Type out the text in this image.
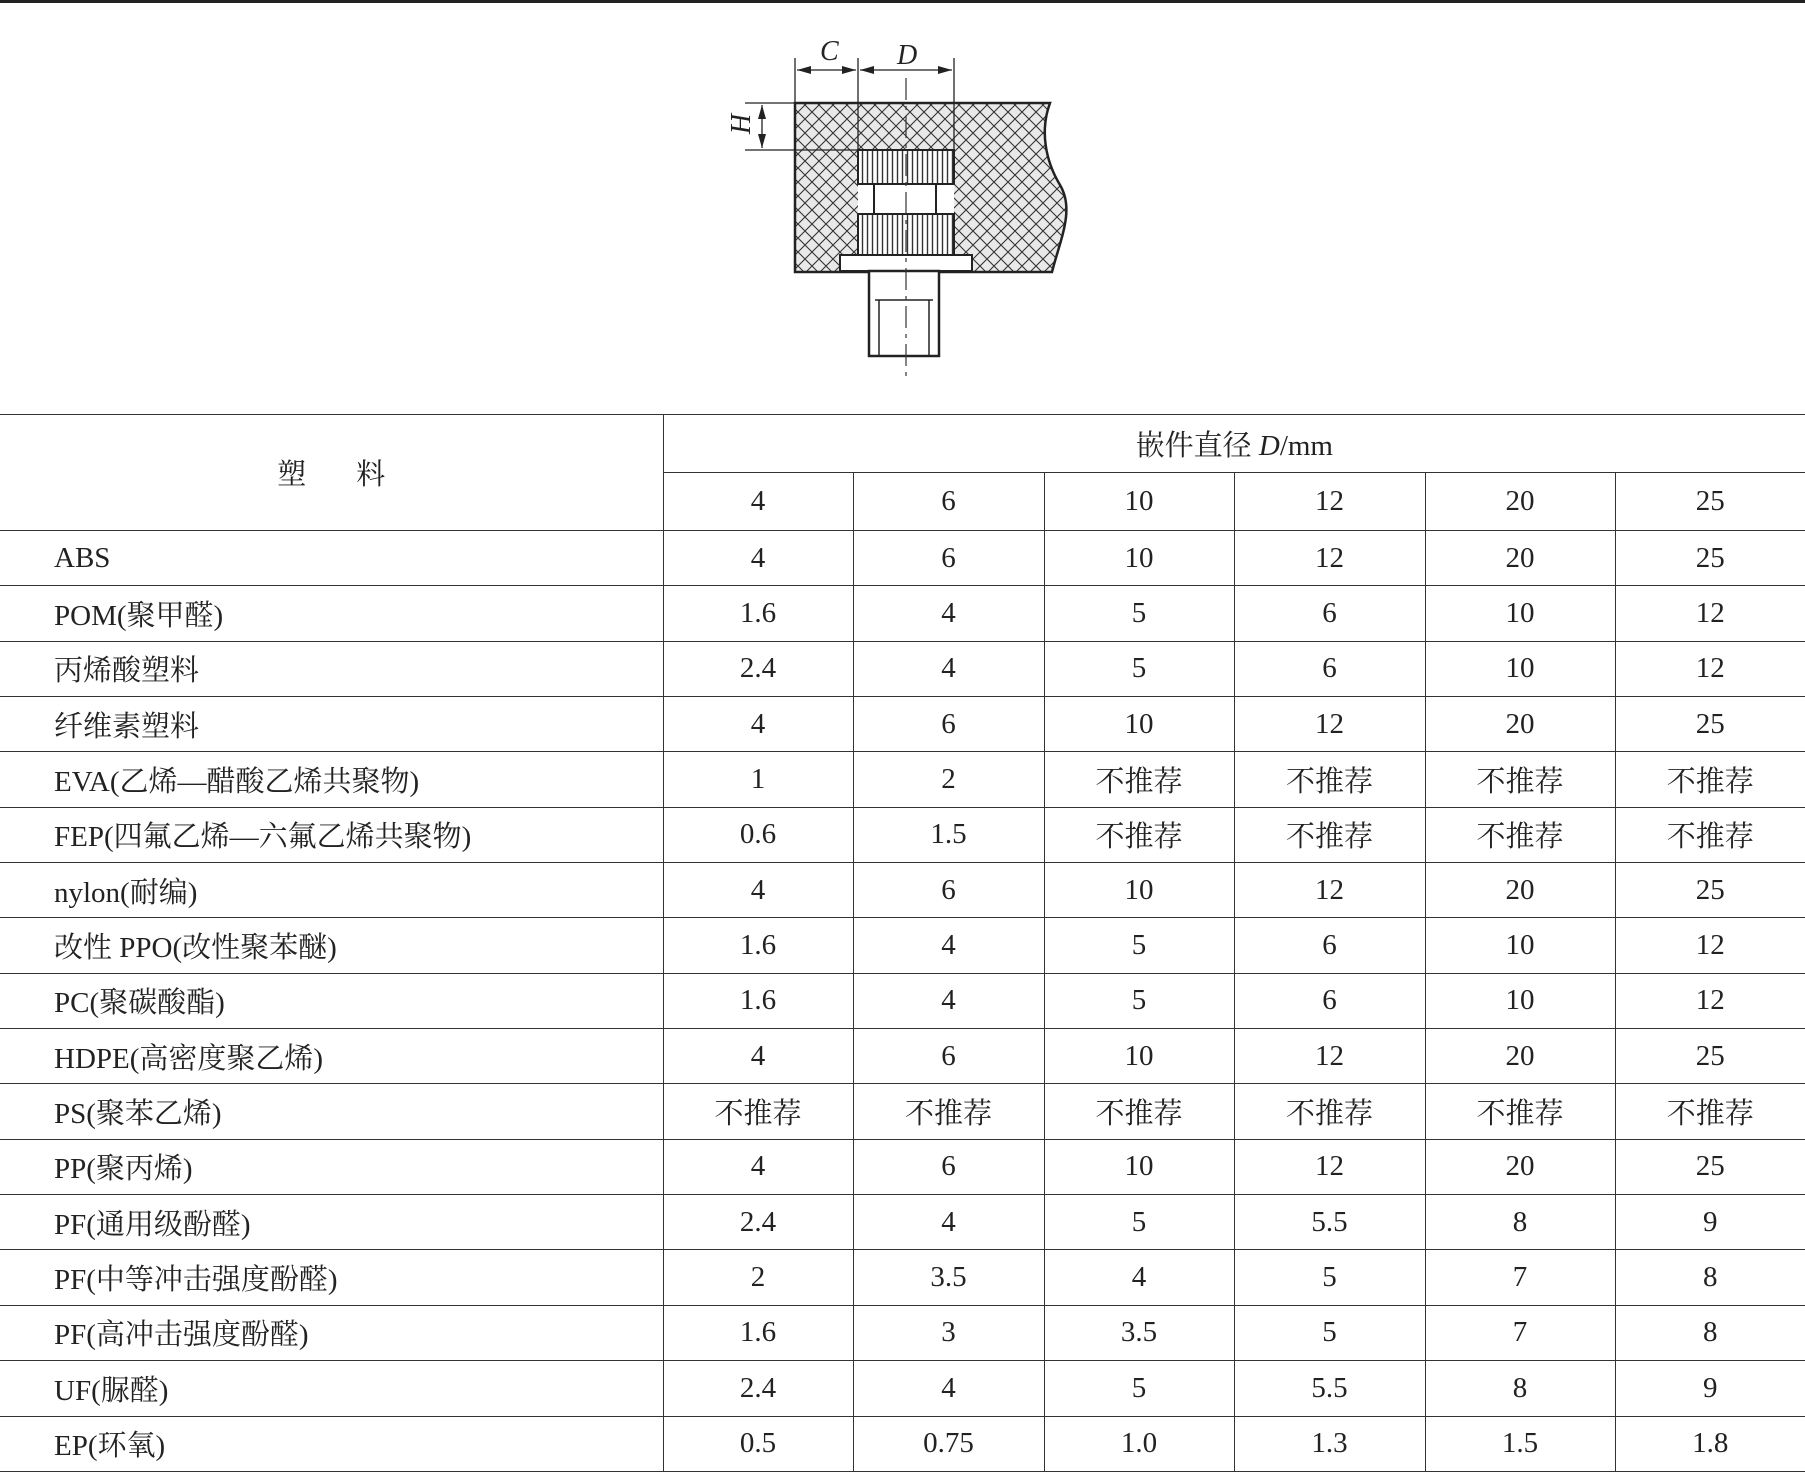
C D
H
塑料	嵌件直径 D/mm					
	4	6	10	12	20	25
ABS	4	6	10	12	20	25
POM(聚甲醛)	1.6	4	5	6	10	12
丙烯酸塑料	2.4	4	5	6	10	12
纤维素塑料	4	6	10	12	20	25
EVA(乙烯—醋酸乙烯共聚物)	1	2	不推荐	不推荐	不推荐	不推荐
FEP(四氟乙烯—六氟乙烯共聚物)	0.6	1.5	不推荐	不推荐	不推荐	不推荐
nylon(耐编)	4	6	10	12	20	25
改性 PPO(改性聚苯醚)	1.6	4	5	6	10	12
PC(聚碳酸酯)	1.6	4	5	6	10	12
HDPE(高密度聚乙烯)	4	6	10	12	20	25
PS(聚苯乙烯)	不推荐	不推荐	不推荐	不推荐	不推荐	不推荐
PP(聚丙烯)	4	6	10	12	20	25
PF(通用级酚醛)	2.4	4	5	5.5	8	9
PF(中等冲击强度酚醛)	2	3.5	4	5	7	8
PF(高冲击强度酚醛)	1.6	3	3.5	5	7	8
UF(脲醛)	2.4	4	5	5.5	8	9
EP(环氧)	0.5	0.75	1.0	1.3	1.5	1.8
